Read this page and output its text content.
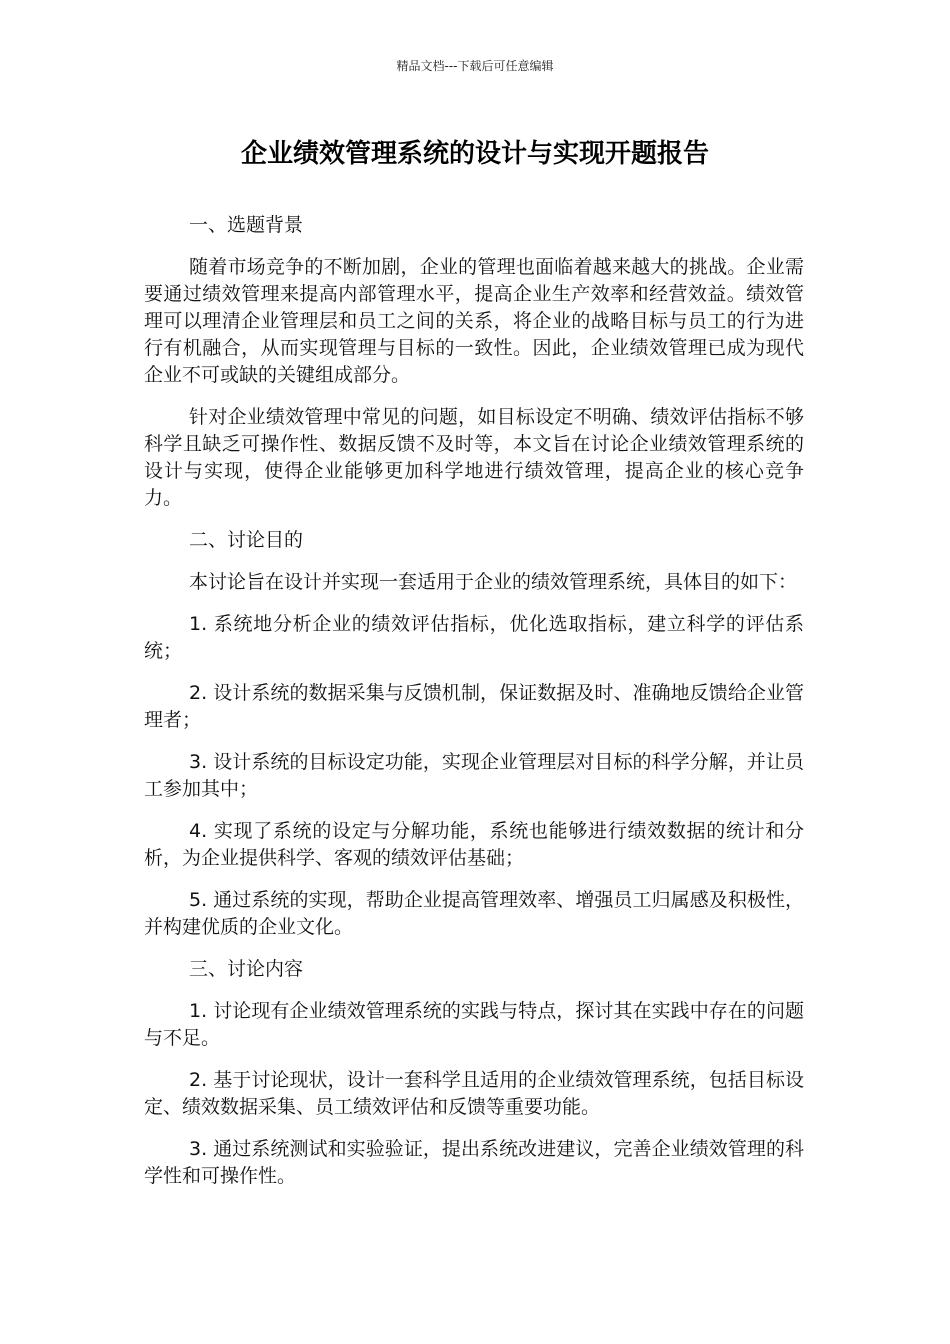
精品文档---下载后可任意编辑
企业绩效管理系统的设计与实现开题报告

一、选题背景

随着市场竞争的不断加剧，企业的管理也面临着越来越大的挑战。企业需要通过绩效管理来提高内部管理水平，提高企业生产效率和经营效益。绩效管理可以理清企业管理层和员工之间的关系，将企业的战略目标与员工的行为进行有机融合，从而实现管理与目标的一致性。因此，企业绩效管理已成为现代企业不可或缺的关键组成部分。

针对企业绩效管理中常见的问题，如目标设定不明确、绩效评估指标不够科学且缺乏可操作性、数据反馈不及时等，本文旨在讨论企业绩效管理系统的设计与实现，使得企业能够更加科学地进行绩效管理，提高企业的核心竞争力。

二、讨论目的

本讨论旨在设计并实现一套适用于企业的绩效管理系统，具体目的如下：

1. 系统地分析企业的绩效评估指标，优化选取指标，建立科学的评估系统；

2. 设计系统的数据采集与反馈机制，保证数据及时、准确地反馈给企业管理者；

3. 设计系统的目标设定功能，实现企业管理层对目标的科学分解，并让员工参加其中；

4. 实现了系统的设定与分解功能，系统也能够进行绩效数据的统计和分析，为企业提供科学、客观的绩效评估基础；

5. 通过系统的实现，帮助企业提高管理效率、增强员工归属感及积极性，并构建优质的企业文化。

三、讨论内容

1. 讨论现有企业绩效管理系统的实践与特点，探讨其在实践中存在的问题与不足。

2. 基于讨论现状，设计一套科学且适用的企业绩效管理系统，包括目标设定、绩效数据采集、员工绩效评估和反馈等重要功能。

3. 通过系统测试和实验验证，提出系统改进建议，完善企业绩效管理的科学性和可操作性。
